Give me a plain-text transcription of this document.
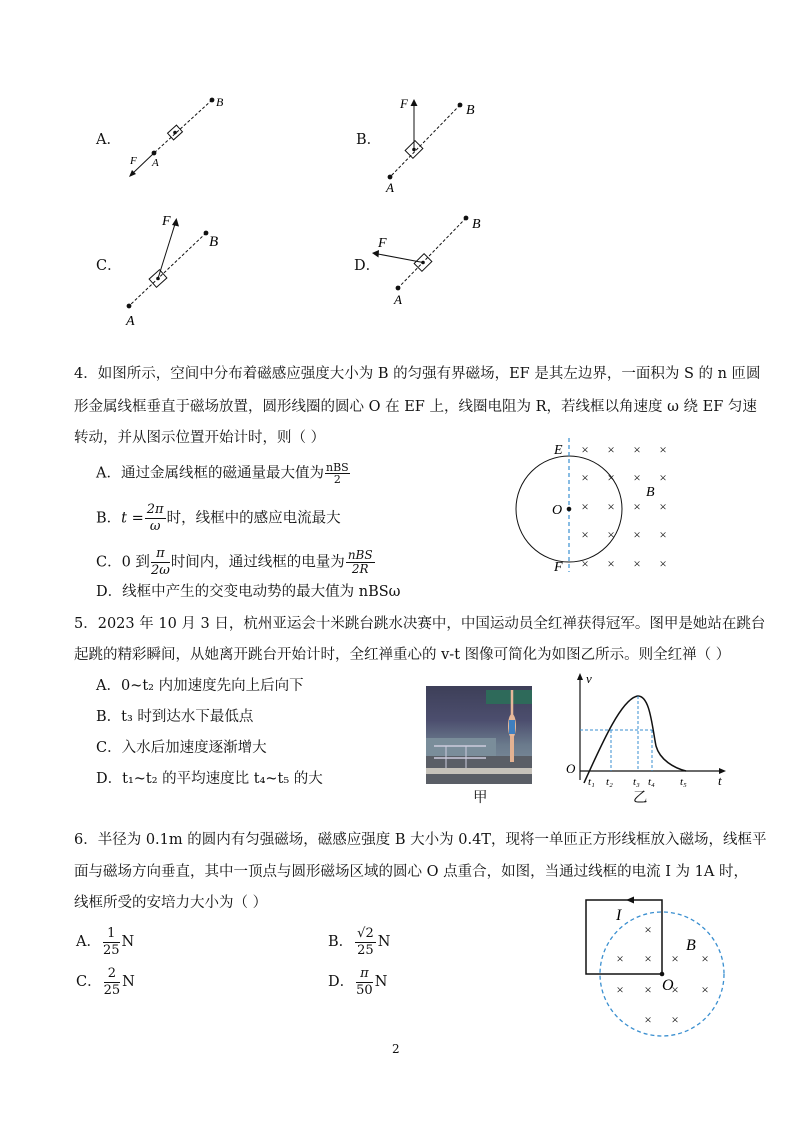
A．
B
A
F
B．
B
A
F
C．
B
A
F
D．
B
A
F
4．如图所示，空间中分布着磁感应强度大小为 B 的匀强有界磁场，EF 是其左边界，一面积为 S 的 n 匝圆
形金属线框垂直于磁场放置，圆形线圈的圆心 O 在 EF 上，线圈电阻为 R，若线框以角速度 ω 绕 EF 匀速
转动，并从图示位置开始计时，则（ ）
A．通过金属线框的磁通量最大值为 nBS
2
B．$t = \frac{2\pi}{\omega}$ 时，线框中的感应电流最大
C．0 到 $\frac{\pi}{2\omega}$ 时间内，通过线框的电量为 nBS
2R
D．线框中产生的交变电动势的最大值为 nBSω
× × × ×
× × × ×
× × × ×
× × × ×
× × × ×
E
O
F
B
5．2023 年 10 月 3 日，杭州亚运会十米跳台跳水决赛中，中国运动员全红禅获得冠军。图甲是她站在跳台
起跳的精彩瞬间，从她离开跳台开始计时，全红禅重心的 v-t 图像可简化为如图乙所示。则全红禅（ ）
A．0~t₂ 内加速度先向上后向下
B．t₃ 时到达水下最低点
C．入水后加速度逐渐增大
D．t₁~t₂ 的平均速度比 t₄~t₅ 的大
甲
v
t
O
t₁ t₂ t₃ t₄ t₅
乙
6．半径为 0.1m 的圆内有匀强磁场，磁感应强度 B 大小为 0.4T，现将一单匝正方形线框放入磁场，线框平
面与磁场方向垂直，其中一顶点与圆形磁场区域的圆心 O 点重合，如图，当通过线框的电流 I 为 1A 时，
线框所受的安培力大小为（ ）
A． $\frac{1}{25}$ N	B． $\frac{√2}{25}$ N
C． $\frac{2}{25}$ N	D． $\frac{\pi}{50}$ N
×
× × × ×
× × × ×
× ×
I
B
O
2
